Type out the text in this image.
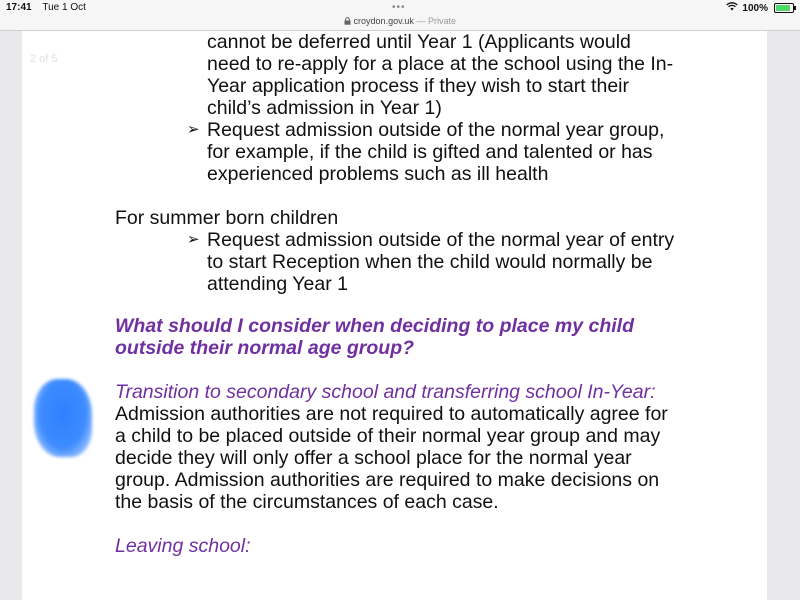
17:41 Tue 1 Oct	100%
•••
croydon.gov.uk — Private
2 of 5
cannot be deferred until Year 1 (Applicants would
need to re-apply for a place at the school using the In-
Year application process if they wish to start their
child’s admission in Year 1)
➢ Request admission outside of the normal year group,
for example, if the child is gifted and talented or has
experienced problems such as ill health
For summer born children
➢ Request admission outside of the normal year of entry
to start Reception when the child would normally be
attending Year 1
What should I consider when deciding to place my child
outside their normal age group?
Transition to secondary school and transferring school In-Year:
Admission authorities are not required to automatically agree for
a child to be placed outside of their normal year group and may
decide they will only offer a school place for the normal year
group. Admission authorities are required to make decisions on
the basis of the circumstances of each case.
Leaving school:
